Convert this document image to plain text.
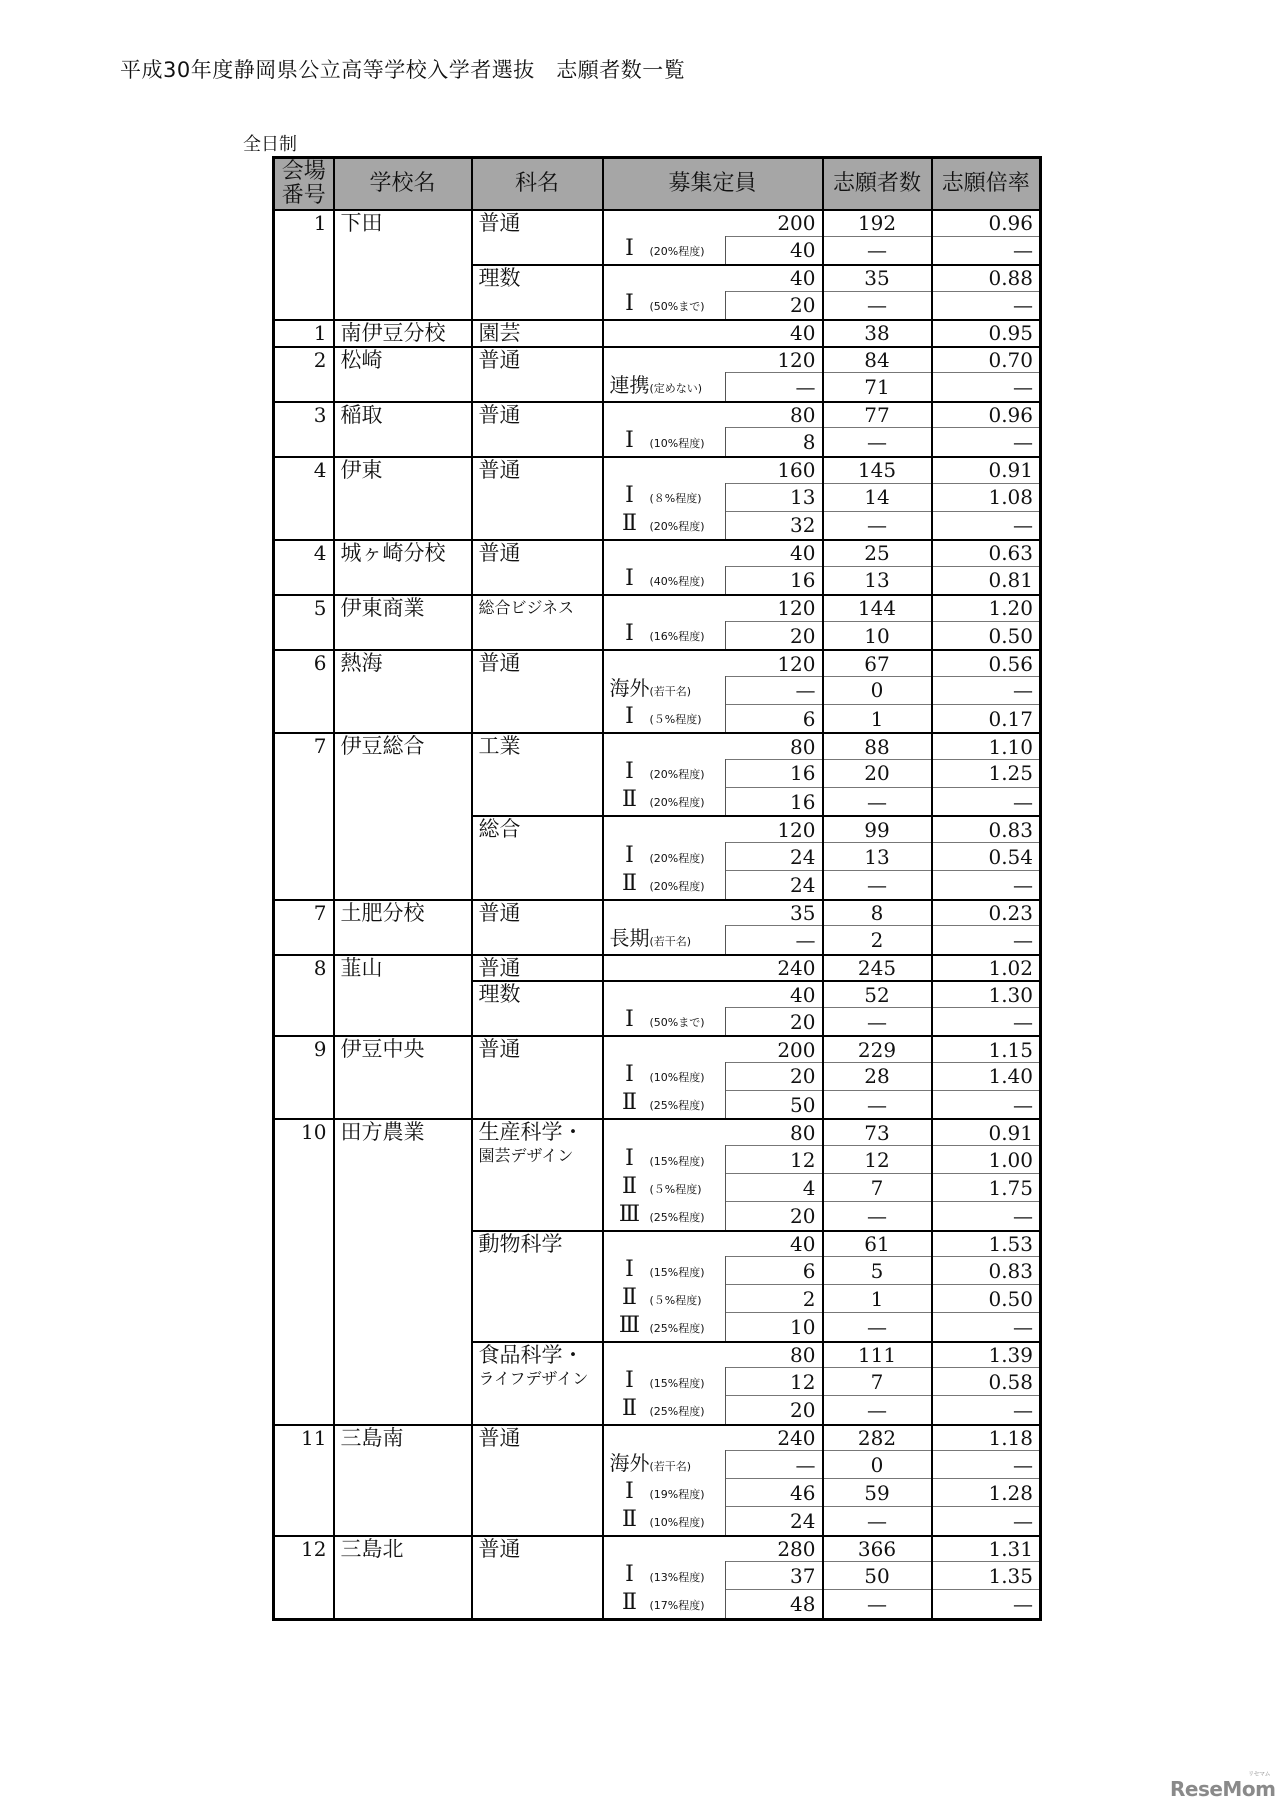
平成30年度静岡県公立高等学校入学者選抜　志願者数一覧
全日制
会場
番号	学校名	科名	募集定員		志願者数	志願倍率
1	下田	普通	200		192	0.96
			Ⅰ (20%程度)	40	—	—

		理数	40		35	0.88
			Ⅰ (50%まで)	20	—	—
1	南伊豆分校	園芸	40		38	0.95
2	松崎	普通	120		84	0.70
			連携(定めない)	—	71	—
3	稲取	普通	80		77	0.96
			Ⅰ (10%程度)	8	—	—
4	伊東	普通	160		145	0.91
			Ⅰ (８%程度)	13	14	1.08
			Ⅱ (20%程度)	32	—	—
4	城ヶ崎分校	普通	40		25	0.63
			Ⅰ (40%程度)	16	13	0.81
5	伊東商業	総合ビジネス	120		144	1.20
			Ⅰ (16%程度)	20	10	0.50
6	熱海	普通	120		67	0.56
			海外(若干名)	—	0	—
			Ⅰ (５%程度)	6	1	0.17
7	伊豆総合	工業	80		88	1.10
			Ⅰ (20%程度)	16	20	1.25
			Ⅱ (20%程度)	16	—	—

		総合	120		99	0.83
			Ⅰ (20%程度)	24	13	0.54
			Ⅱ (20%程度)	24	—	—
7	土肥分校	普通	35		8	0.23
			長期(若干名)	—	2	—
8	韮山	普通	240		245	1.02

		理数	40		52	1.30
			Ⅰ (50%まで)	20	—	—
9	伊豆中央	普通	200		229	1.15
			Ⅰ (10%程度)	20	28	1.40
			Ⅱ (25%程度)	50	—	—
10	田方農業	生産科学・
園芸デザイン	80		73	0.91
			Ⅰ (15%程度)	12	12	1.00
			Ⅱ (５%程度)	4	7	1.75
			Ⅲ (25%程度)	20	—	—

		動物科学	40		61	1.53
			Ⅰ (15%程度)	6	5	0.83
			Ⅱ (５%程度)	2	1	0.50
			Ⅲ (25%程度)	10	—	—

		食品科学・
ライフデザイン	80		111	1.39
			Ⅰ (15%程度)	12	7	0.58
			Ⅱ (25%程度)	20	—	—
11	三島南	普通	240		282	1.18
			海外(若干名)	—	0	—
			Ⅰ (19%程度)	46	59	1.28
			Ⅱ (10%程度)	24	—	—
12	三島北	普通	280		366	1.31
			Ⅰ (13%程度)	37	50	1.35
			Ⅱ (17%程度)	48	—	—
ReseMom
リセマム
